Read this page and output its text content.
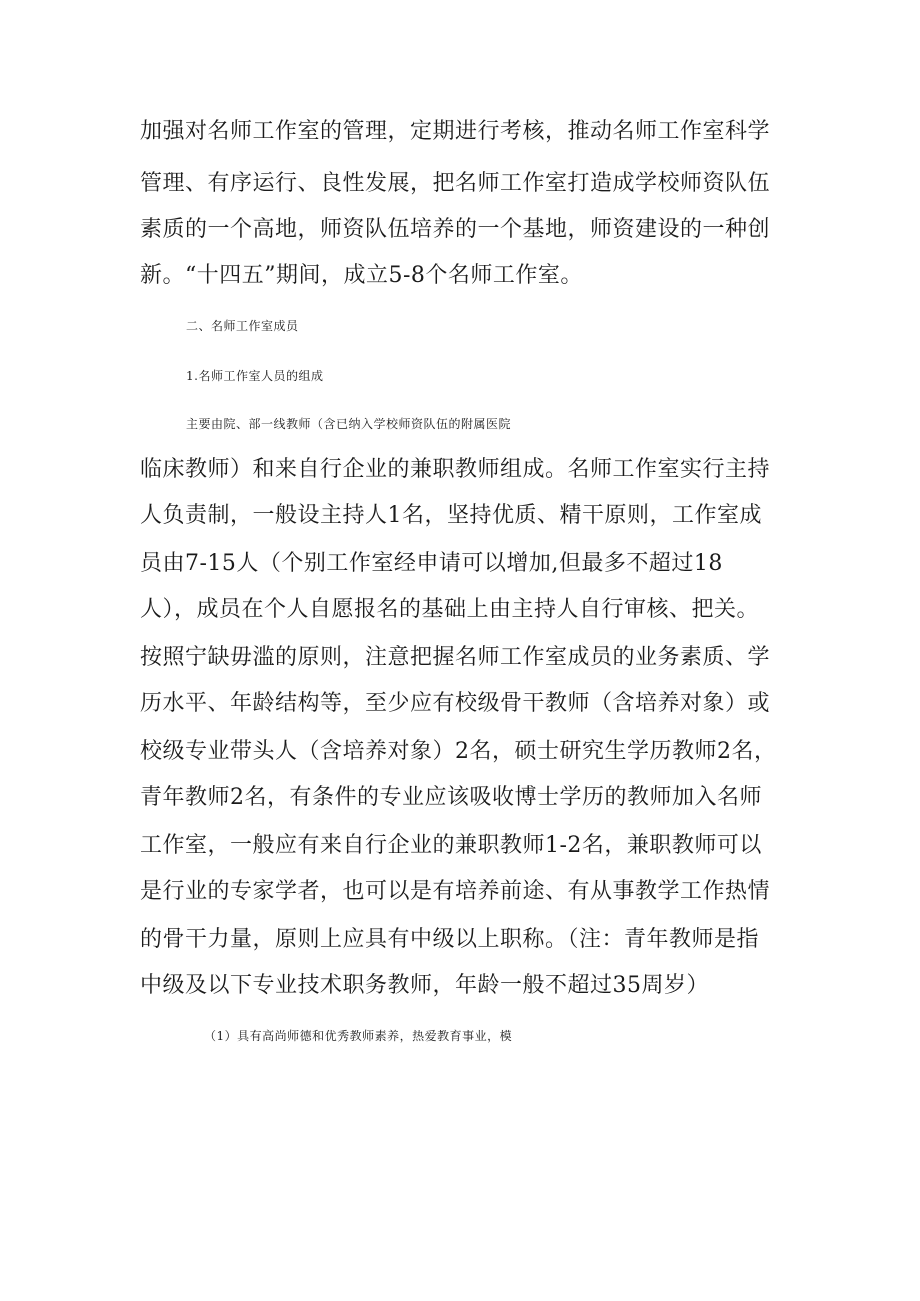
加强对名师工作室的管理，定期进行考核，推动名师工作室科学
管理、有序运行、良性发展，把名师工作室打造成学校师资队伍
素质的一个高地，师资队伍培养的一个基地，师资建设的一种创
新。“十四五”期间，成立5-8个名师工作室。
二、名师工作室成员
1.名师工作室人员的组成
主要由院、部一线教师（含已纳入学校师资队伍的附属医院
临床教师）和来自行企业的兼职教师组成。名师工作室实行主持
人负责制，一般设主持人1名，坚持优质、精干原则，工作室成
员由7-15人（个别工作室经申请可以增加,但最多不超过18
人），成员在个人自愿报名的基础上由主持人自行审核、把关。
按照宁缺毋滥的原则，注意把握名师工作室成员的业务素质、学
历水平、年龄结构等，至少应有校级骨干教师（含培养对象）或
校级专业带头人（含培养对象）2名，硕士研究生学历教师2名，
青年教师2名，有条件的专业应该吸收博士学历的教师加入名师
工作室，一般应有来自行企业的兼职教师1-2名，兼职教师可以
是行业的专家学者，也可以是有培养前途、有从事教学工作热情
的骨干力量，原则上应具有中级以上职称。（注：青年教师是指
中级及以下专业技术职务教师，年龄一般不超过35周岁）
（1）具有高尚师德和优秀教师素养，热爱教育事业，模
